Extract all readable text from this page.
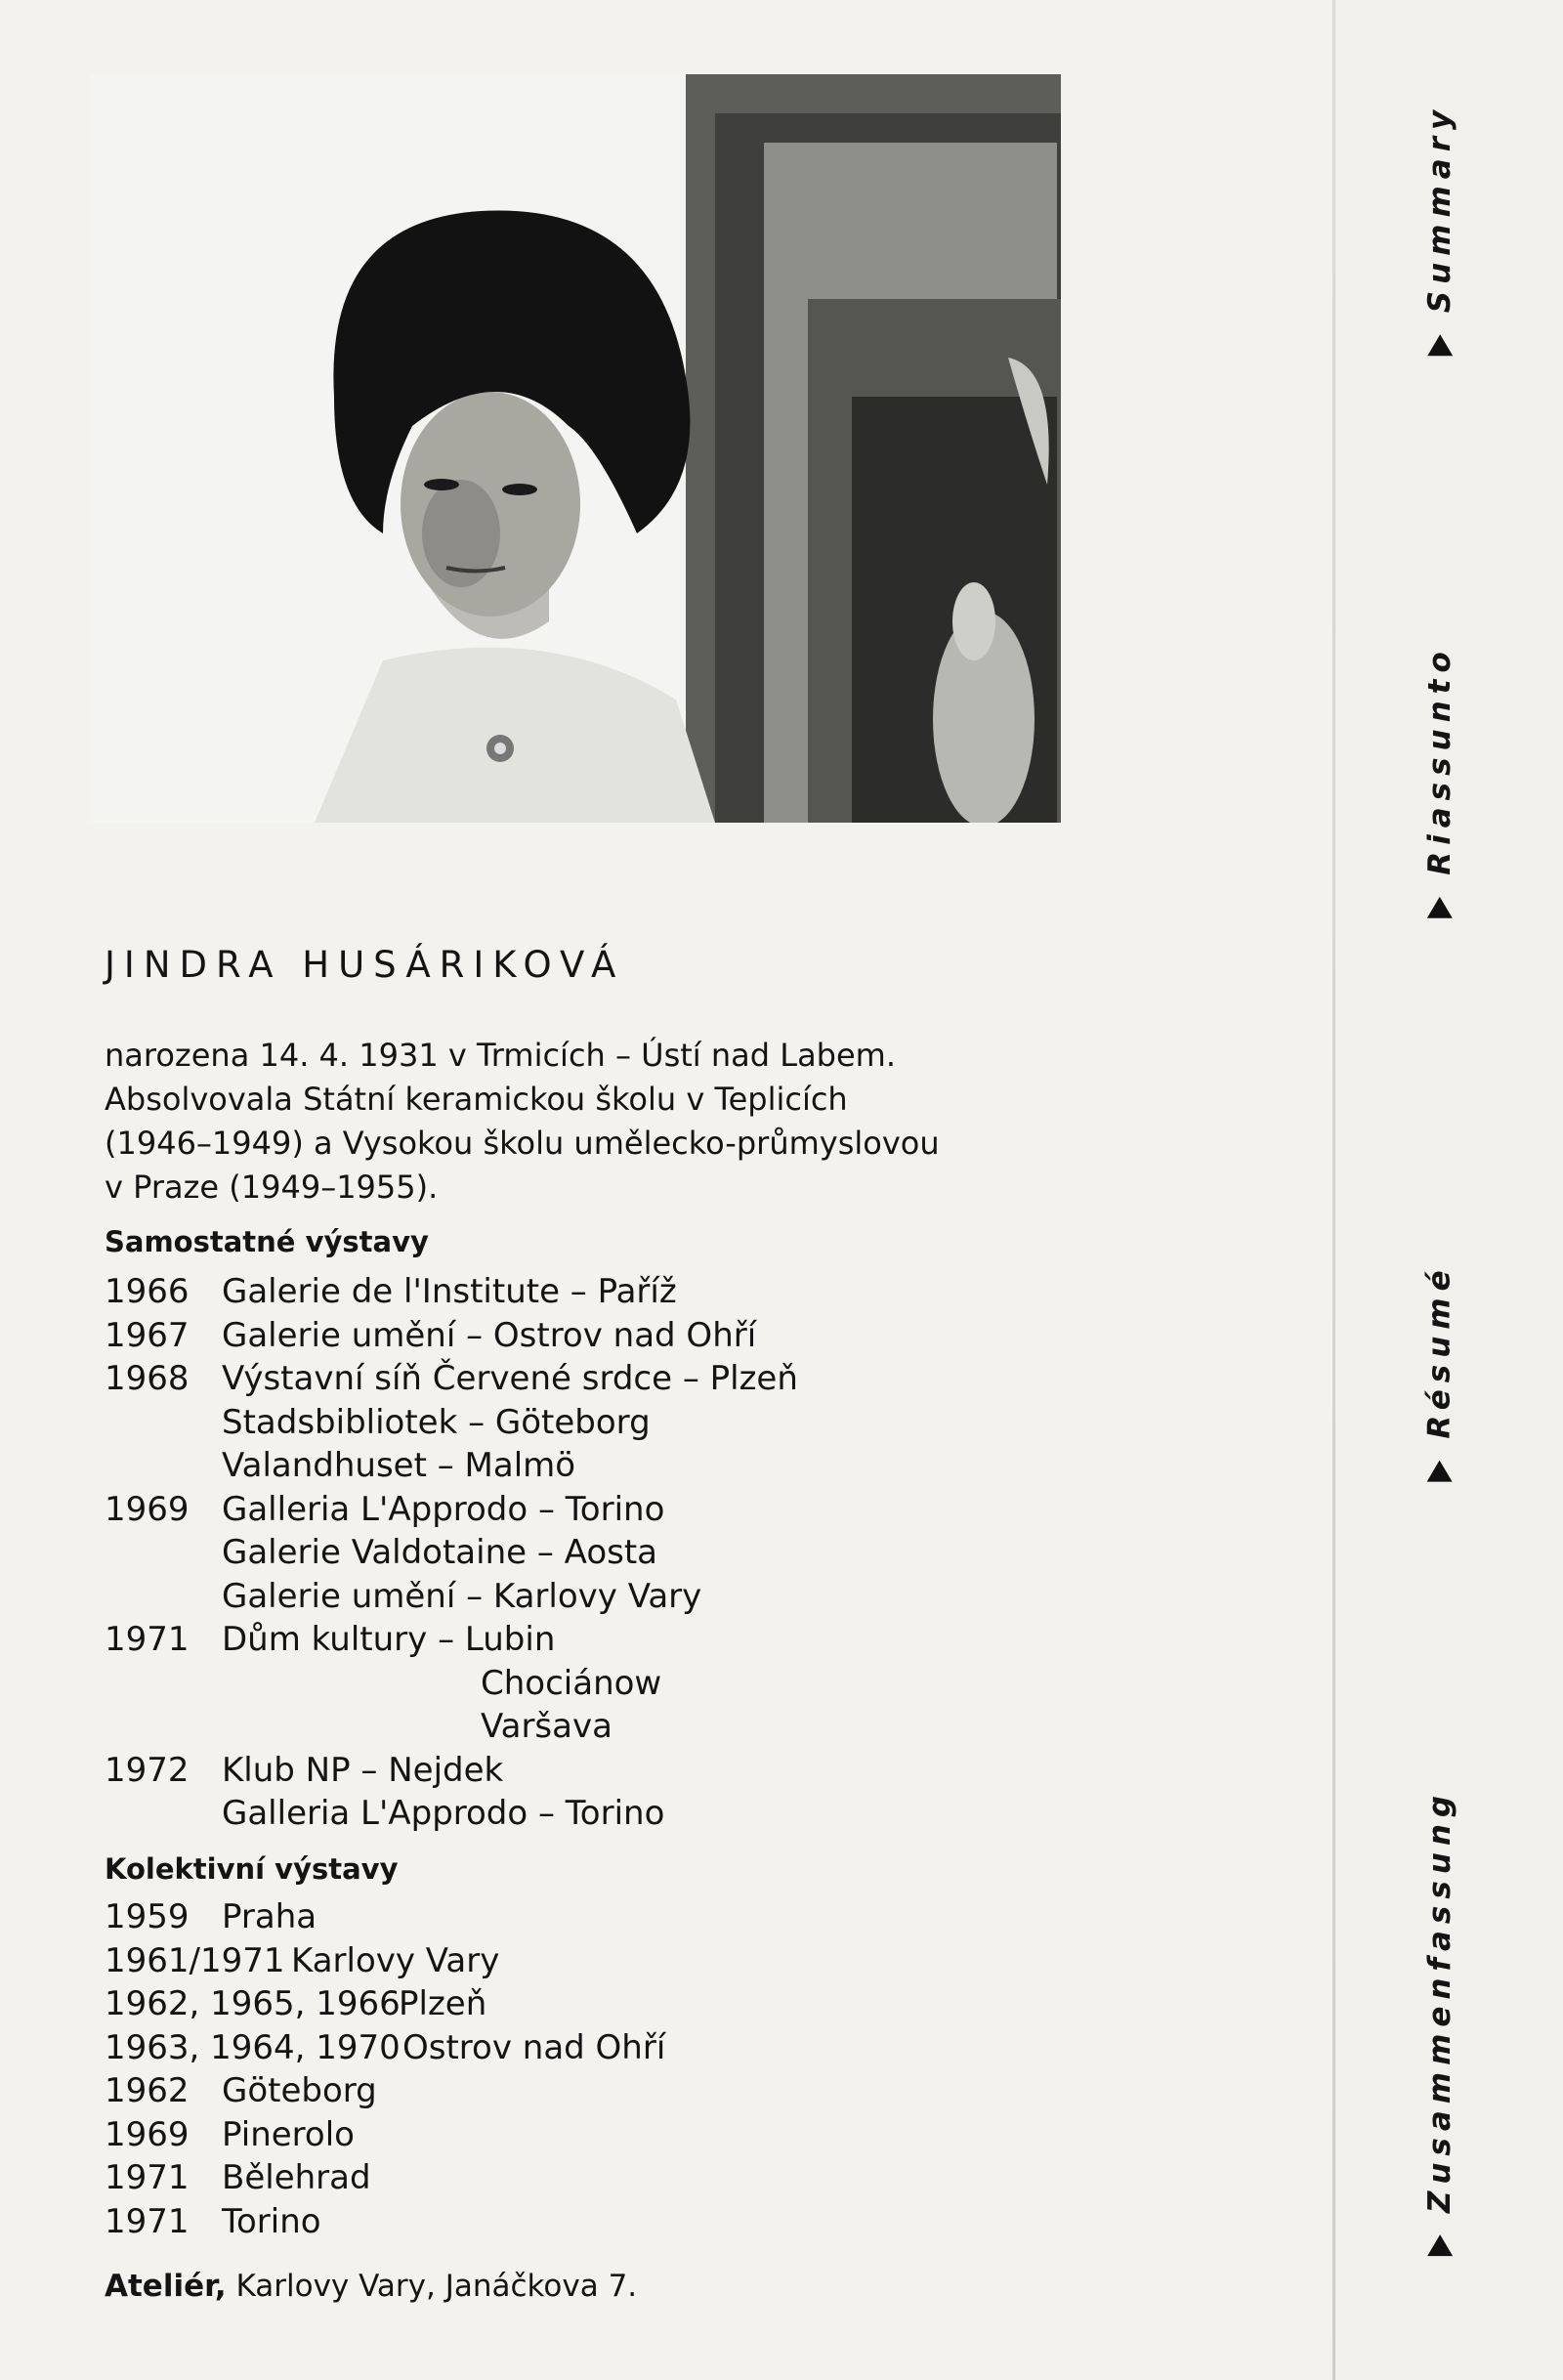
JINDRA HUSÁRIKOVÁ
narozena 14. 4. 1931 v Trmicích – Ústí nad Labem.
Absolvovala Státní keramickou školu v Teplicích
(1946–1949) a Vysokou školu umělecko-průmyslovou
v Praze (1949–1955).
Samostatné výstavy
1966 Galerie de l'Institute – Paříž
1967 Galerie umění – Ostrov nad Ohří
1968 Výstavní síň Červené srdce – Plzeň
Stadsbibliotek – Göteborg
Valandhuset – Malmö
1969 Galleria L'Approdo – Torino
Galerie Valdotaine – Aosta
Galerie umění – Karlovy Vary
1971 Dům kultury – Lubin
Chociánow
Varšava
1972 Klub NP – Nejdek
Galleria L'Approdo – Torino
Kolektivní výstavy
1959 Praha
1961/1971 Karlovy Vary
1962, 1965, 1966
Plzeň
1963, 1964, 1970 Ostrov nad Ohří
1962 Göteborg
1969 Pinerolo
1971 Bělehrad
1971 Torino
Ateliér, Karlovy Vary, Janáčkova 7.
Summary
Riassunto
Résumé
Zusammenfassung
